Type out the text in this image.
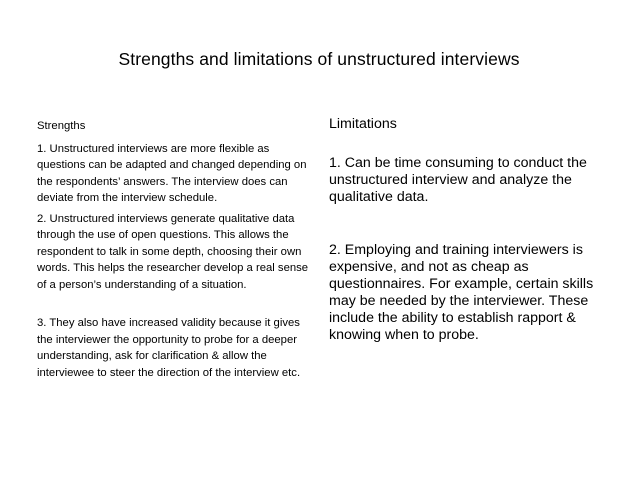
Strengths and limitations of unstructured interviews
Strengths

1. Unstructured interviews are more flexible as questions can be adapted and changed depending on the respondents’ answers. The interview does can deviate from the interview schedule.

2. Unstructured interviews generate qualitative data through the use of open questions. This allows the respondent to talk in some depth, choosing their own words. This helps the researcher develop a real sense of a person’s understanding of a situation.

3. They also have increased validity because it gives the interviewer the opportunity to probe for a deeper understanding, ask for clarification & allow the interviewee to steer the direction of the interview etc.

Limitations

1. Can be time consuming to conduct the unstructured interview and analyze the qualitative data.

2. Employing and training interviewers is expensive, and not as cheap as questionnaires. For example, certain skills may be needed by the interviewer. These include the ability to establish rapport & knowing when to probe.
